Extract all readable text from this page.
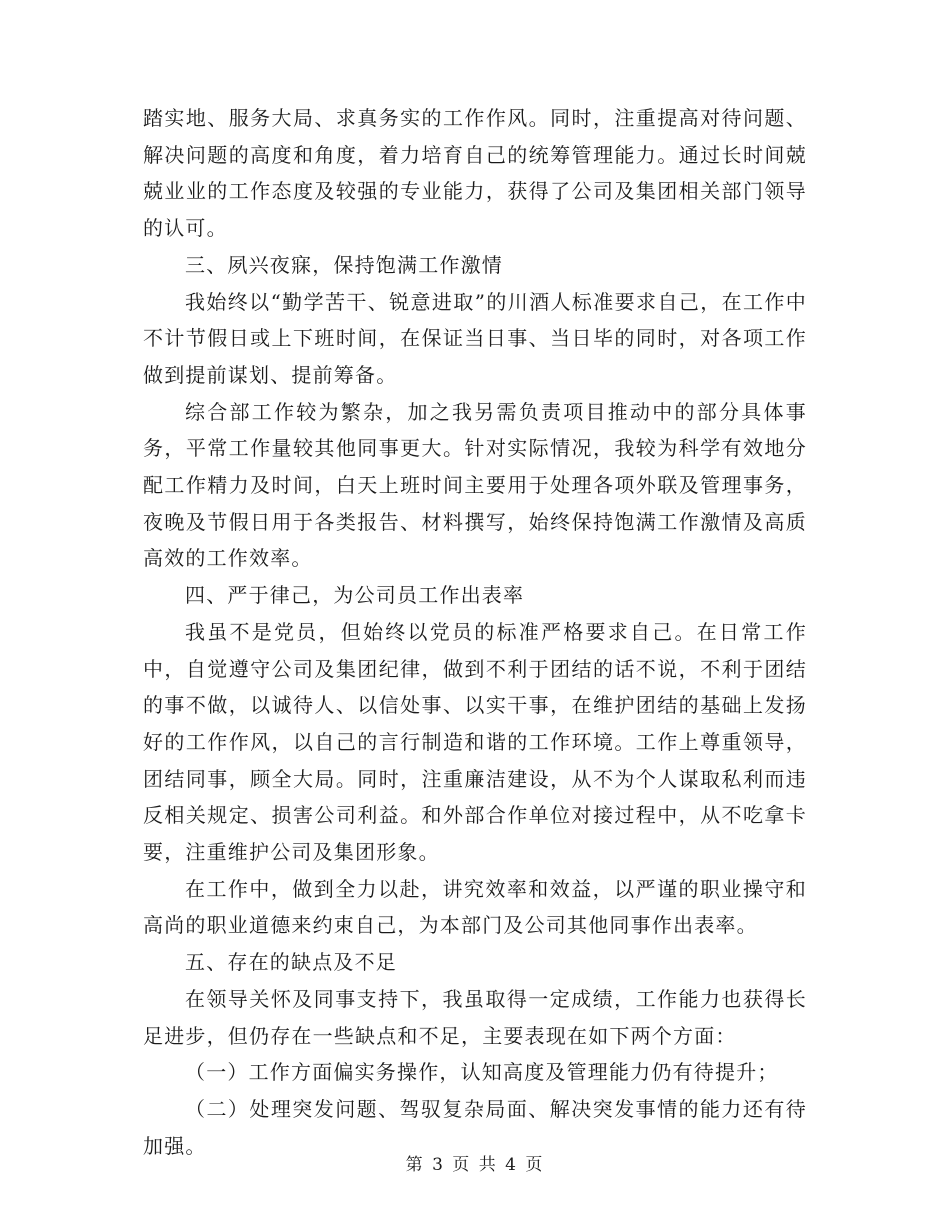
踏实地、服务大局、求真务实的工作作风。同时，注重提高对待问题、解决问题的高度和角度，着力培育自己的统筹管理能力。通过长时间兢兢业业的工作态度及较强的专业能力，获得了公司及集团相关部门领导的认可。

三、夙兴夜寐，保持饱满工作激情

我始终以“勤学苦干、锐意进取”的川酒人标准要求自己，在工作中不计节假日或上下班时间，在保证当日事、当日毕的同时，对各项工作做到提前谋划、提前筹备。

综合部工作较为繁杂，加之我另需负责项目推动中的部分具体事务，平常工作量较其他同事更大。针对实际情况，我较为科学有效地分配工作精力及时间，白天上班时间主要用于处理各项外联及管理事务，夜晚及节假日用于各类报告、材料撰写，始终保持饱满工作激情及高质高效的工作效率。

四、严于律己，为公司员工作出表率

我虽不是党员，但始终以党员的标准严格要求自己。在日常工作中，自觉遵守公司及集团纪律，做到不利于团结的话不说，不利于团结的事不做，以诚待人、以信处事、以实干事，在维护团结的基础上发扬好的工作作风，以自己的言行制造和谐的工作环境。工作上尊重领导，团结同事，顾全大局。同时，注重廉洁建设，从不为个人谋取私利而违反相关规定、损害公司利益。和外部合作单位对接过程中，从不吃拿卡要，注重维护公司及集团形象。

在工作中，做到全力以赴，讲究效率和效益，以严谨的职业操守和高尚的职业道德来约束自己，为本部门及公司其他同事作出表率。

五、存在的缺点及不足

在领导关怀及同事支持下，我虽取得一定成绩，工作能力也获得长足进步，但仍存在一些缺点和不足，主要表现在如下两个方面：

（一）工作方面偏实务操作，认知高度及管理能力仍有待提升；

（二）处理突发问题、驾驭复杂局面、解决突发事情的能力还有待加强。

第 3 页 共 4 页
